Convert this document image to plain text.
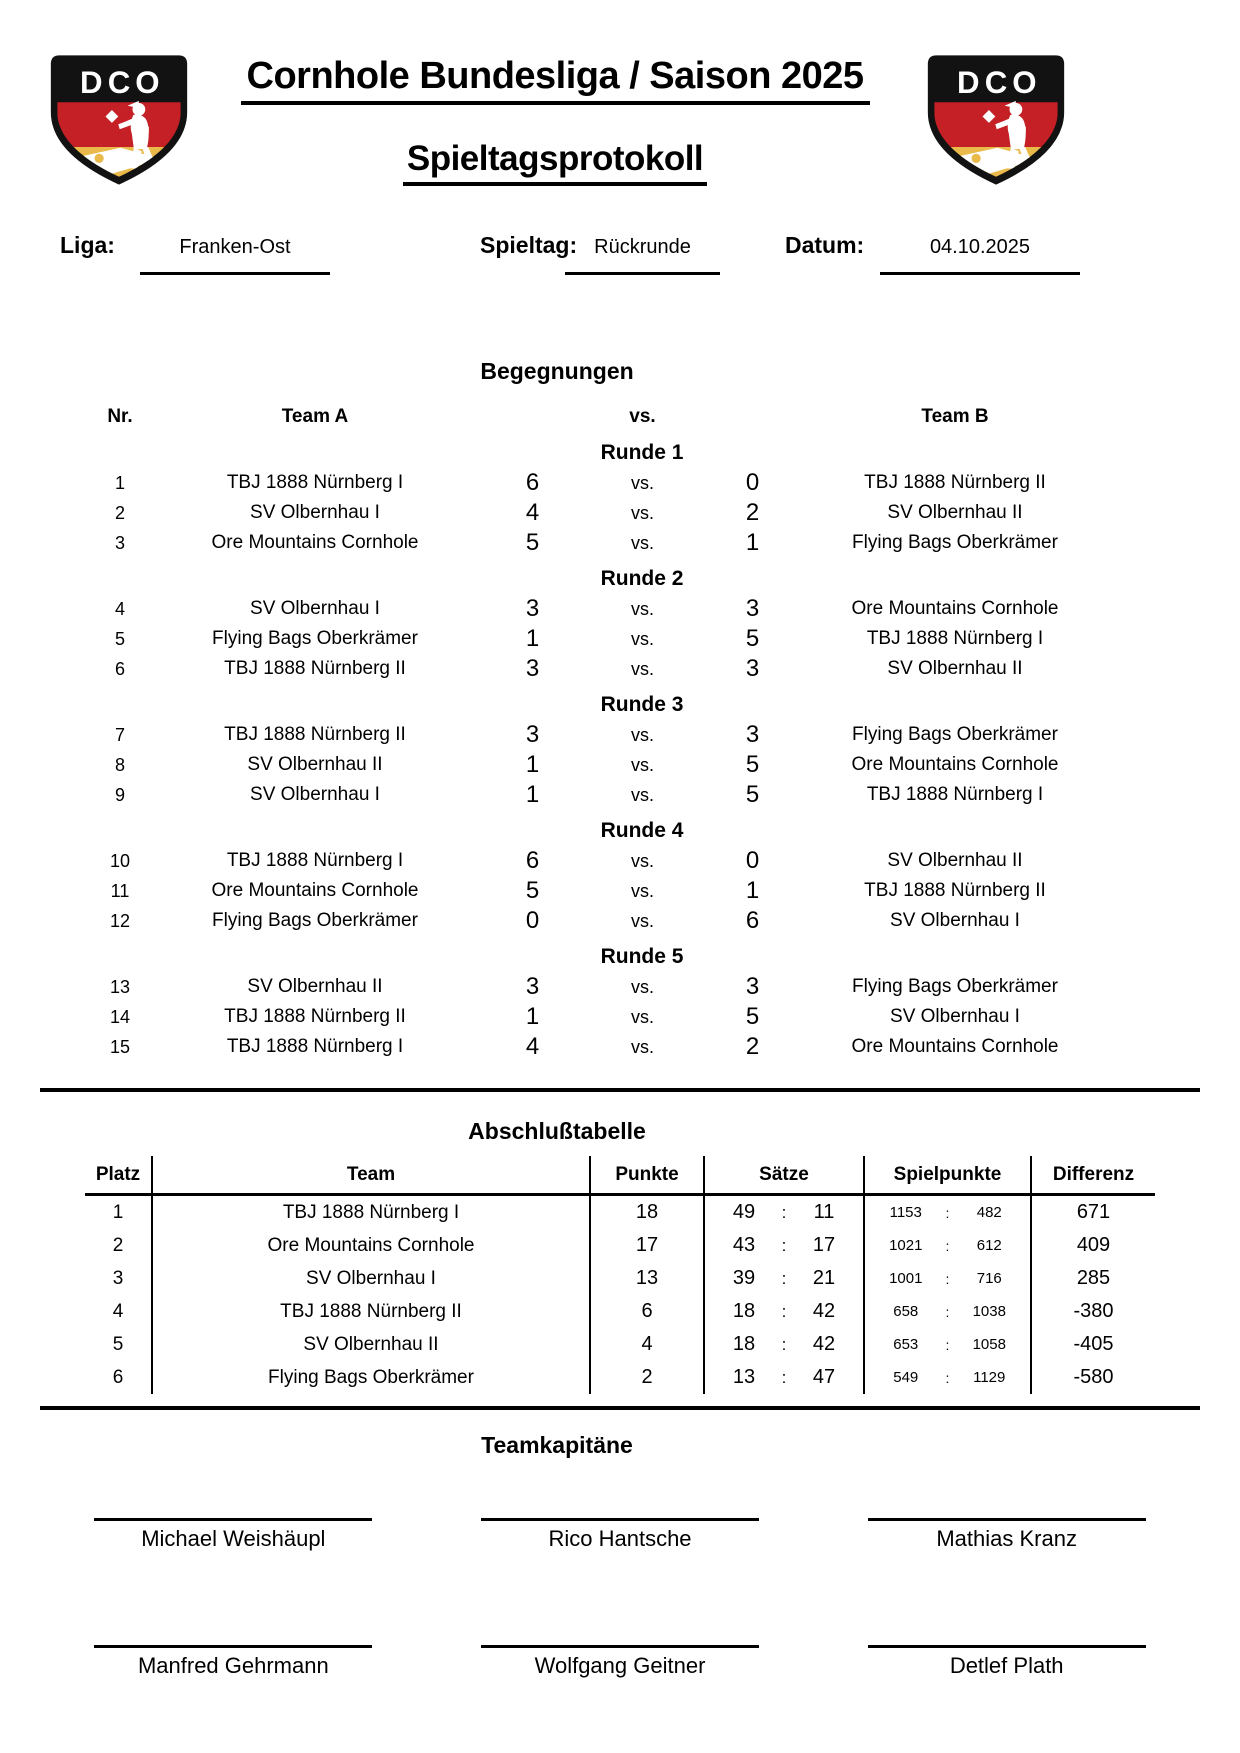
Cornhole Bundesliga / Saison 2025
Spieltagsprotokoll
Liga:	Franken-Ost	Spieltag: Rückrunde	Datum:	04.10.2025
Begegnungen
Nr.	Team A	vs.	Team B
Runde 1
1	TBJ 1888 Nürnberg I	6	vs.	0	TBJ 1888 Nürnberg II
2	SV Olbernhau I	4	vs.	2	SV Olbernhau II
3	Ore Mountains Cornhole	5	vs.	1	Flying Bags Oberkrämer
Runde 2
4	SV Olbernhau I	3	vs.	3	Ore Mountains Cornhole
5	Flying Bags Oberkrämer	1	vs.	5	TBJ 1888 Nürnberg I
6	TBJ 1888 Nürnberg II	3	vs.	3	SV Olbernhau II
Runde 3
7	TBJ 1888 Nürnberg II	3	vs.	3	Flying Bags Oberkrämer
8	SV Olbernhau II	1	vs.	5	Ore Mountains Cornhole
9	SV Olbernhau I	1	vs.	5	TBJ 1888 Nürnberg I
Runde 4
10	TBJ 1888 Nürnberg I	6	vs.	0	SV Olbernhau II
11	Ore Mountains Cornhole	5	vs.	1	TBJ 1888 Nürnberg II
12	Flying Bags Oberkrämer	0	vs.	6	SV Olbernhau I
Runde 5
13	SV Olbernhau II	3	vs.	3	Flying Bags Oberkrämer
14	TBJ 1888 Nürnberg II	1	vs.	5	SV Olbernhau I
15	TBJ 1888 Nürnberg I	4	vs.	2	Ore Mountains Cornhole
Abschlußtabelle
Platz	Team	Punkte	Sätze	Spielpunkte	Differenz
1	TBJ 1888 Nürnberg I	18	49	:	11	1153	:	482	671
2	Ore Mountains Cornhole	17	43	:	17	1021	:	612	409
3	SV Olbernhau I	13	39	:	21	1001	:	716	285
4	TBJ 1888 Nürnberg II	6	18	:	42	658	:	1038	-380
5	SV Olbernhau II	4	18	:	42	653	:	1058	-405
6	Flying Bags Oberkrämer	2	13	:	47	549	:	1129	-580
Teamkapitäne
Michael Weishäupl	Rico Hantsche	Mathias Kranz
Manfred Gehrmann	Wolfgang Geitner	Detlef Plath
